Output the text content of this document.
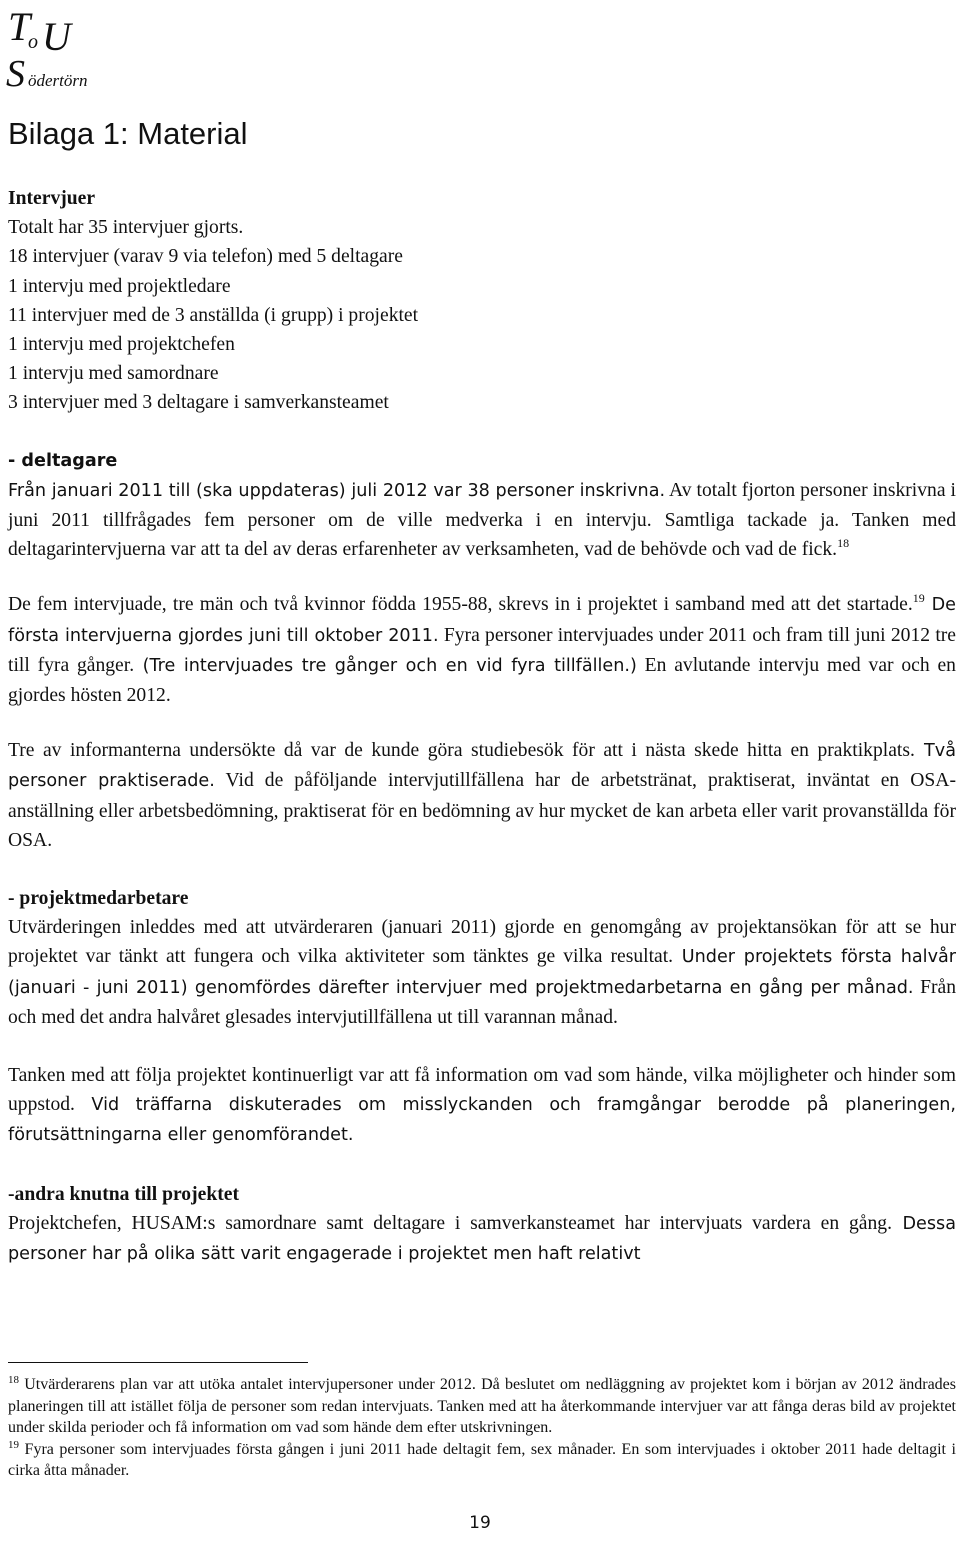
T
o U
S ödertörn
Bilaga 1: Material

Intervjuer

Totalt har 35 intervjuer gjorts.

18 intervjuer (varav 9 via telefon) med 5 deltagare

1 intervju med projektledare

11 intervjuer med de 3 anställda (i grupp) i projektet

1 intervju med projektchefen

1 intervju med samordnare

3 intervjuer med 3 deltagare i samverkansteamet

- deltagare

Från januari 2011 till (ska uppdateras) juli 2012 var 38 personer inskrivna. Av totalt fjorton personer inskrivna i juni 2011 tillfrågades fem personer om de ville medverka i en intervju. Samtliga tackade ja. Tanken med deltagarintervjuerna var att ta del av deras erfarenheter av verksamheten, vad de behövde och vad de fick.$^{18}$

De fem intervjuade, tre män och två kvinnor födda 1955-88, skrevs in i projektet i samband med att det startade.$^{19}$ De första intervjuerna gjordes juni till oktober 2011. Fyra personer intervjuades under 2011 och fram till juni 2012 tre till fyra gånger. (Tre intervjuades tre gånger och en vid fyra tillfällen.) En avlutande intervju med var och en gjordes hösten 2012.

Tre av informanterna undersökte då var de kunde göra studiebesök för att i nästa skede hitta en praktikplats. Två personer praktiserade. Vid de påföljande intervjutillfällena har de arbetstränat, praktiserat, inväntat en OSA-anställning eller arbetsbedömning, praktiserat för en bedömning av hur mycket de kan arbeta eller varit provanställda för OSA.

- projektmedarbetare

Utvärderingen inleddes med att utvärderaren (januari 2011) gjorde en genomgång av projektansökan för att se hur projektet var tänkt att fungera och vilka aktiviteter som tänktes ge vilka resultat. Under projektets första halvår (januari - juni 2011) genomfördes därefter intervjuer med projektmedarbetarna en gång per månad. Från och med det andra halvåret glesades intervjutillfällena ut till varannan månad.

Tanken med att följa projektet kontinuerligt var att få information om vad som hände, vilka möjligheter och hinder som uppstod. Vid träffarna diskuterades om misslyckanden och framgångar berodde på planeringen, förutsättningarna eller genomförandet.

-andra knutna till projektet

Projektchefen, HUSAM:s samordnare samt deltagare i samverkansteamet har intervjuats vardera en gång. Dessa personer har på olika sätt varit engagerade i projektet men haft relativt

$^{18}$ Utvärderarens plan var att utöka antalet intervjupersoner under 2012. Då beslutet om nedläggning av projektet kom i början av 2012 ändrades planeringen till att istället följa de personer som redan intervjuats. Tanken med att ha återkommande intervjuer var att fånga deras bild av projektet under skilda perioder och få information om vad som hände dem efter utskrivningen.

$^{19}$ Fyra personer som intervjuades första gången i juni 2011 hade deltagit fem, sex månader. En som intervjuades i oktober 2011 hade deltagit i cirka åtta månader.

19
